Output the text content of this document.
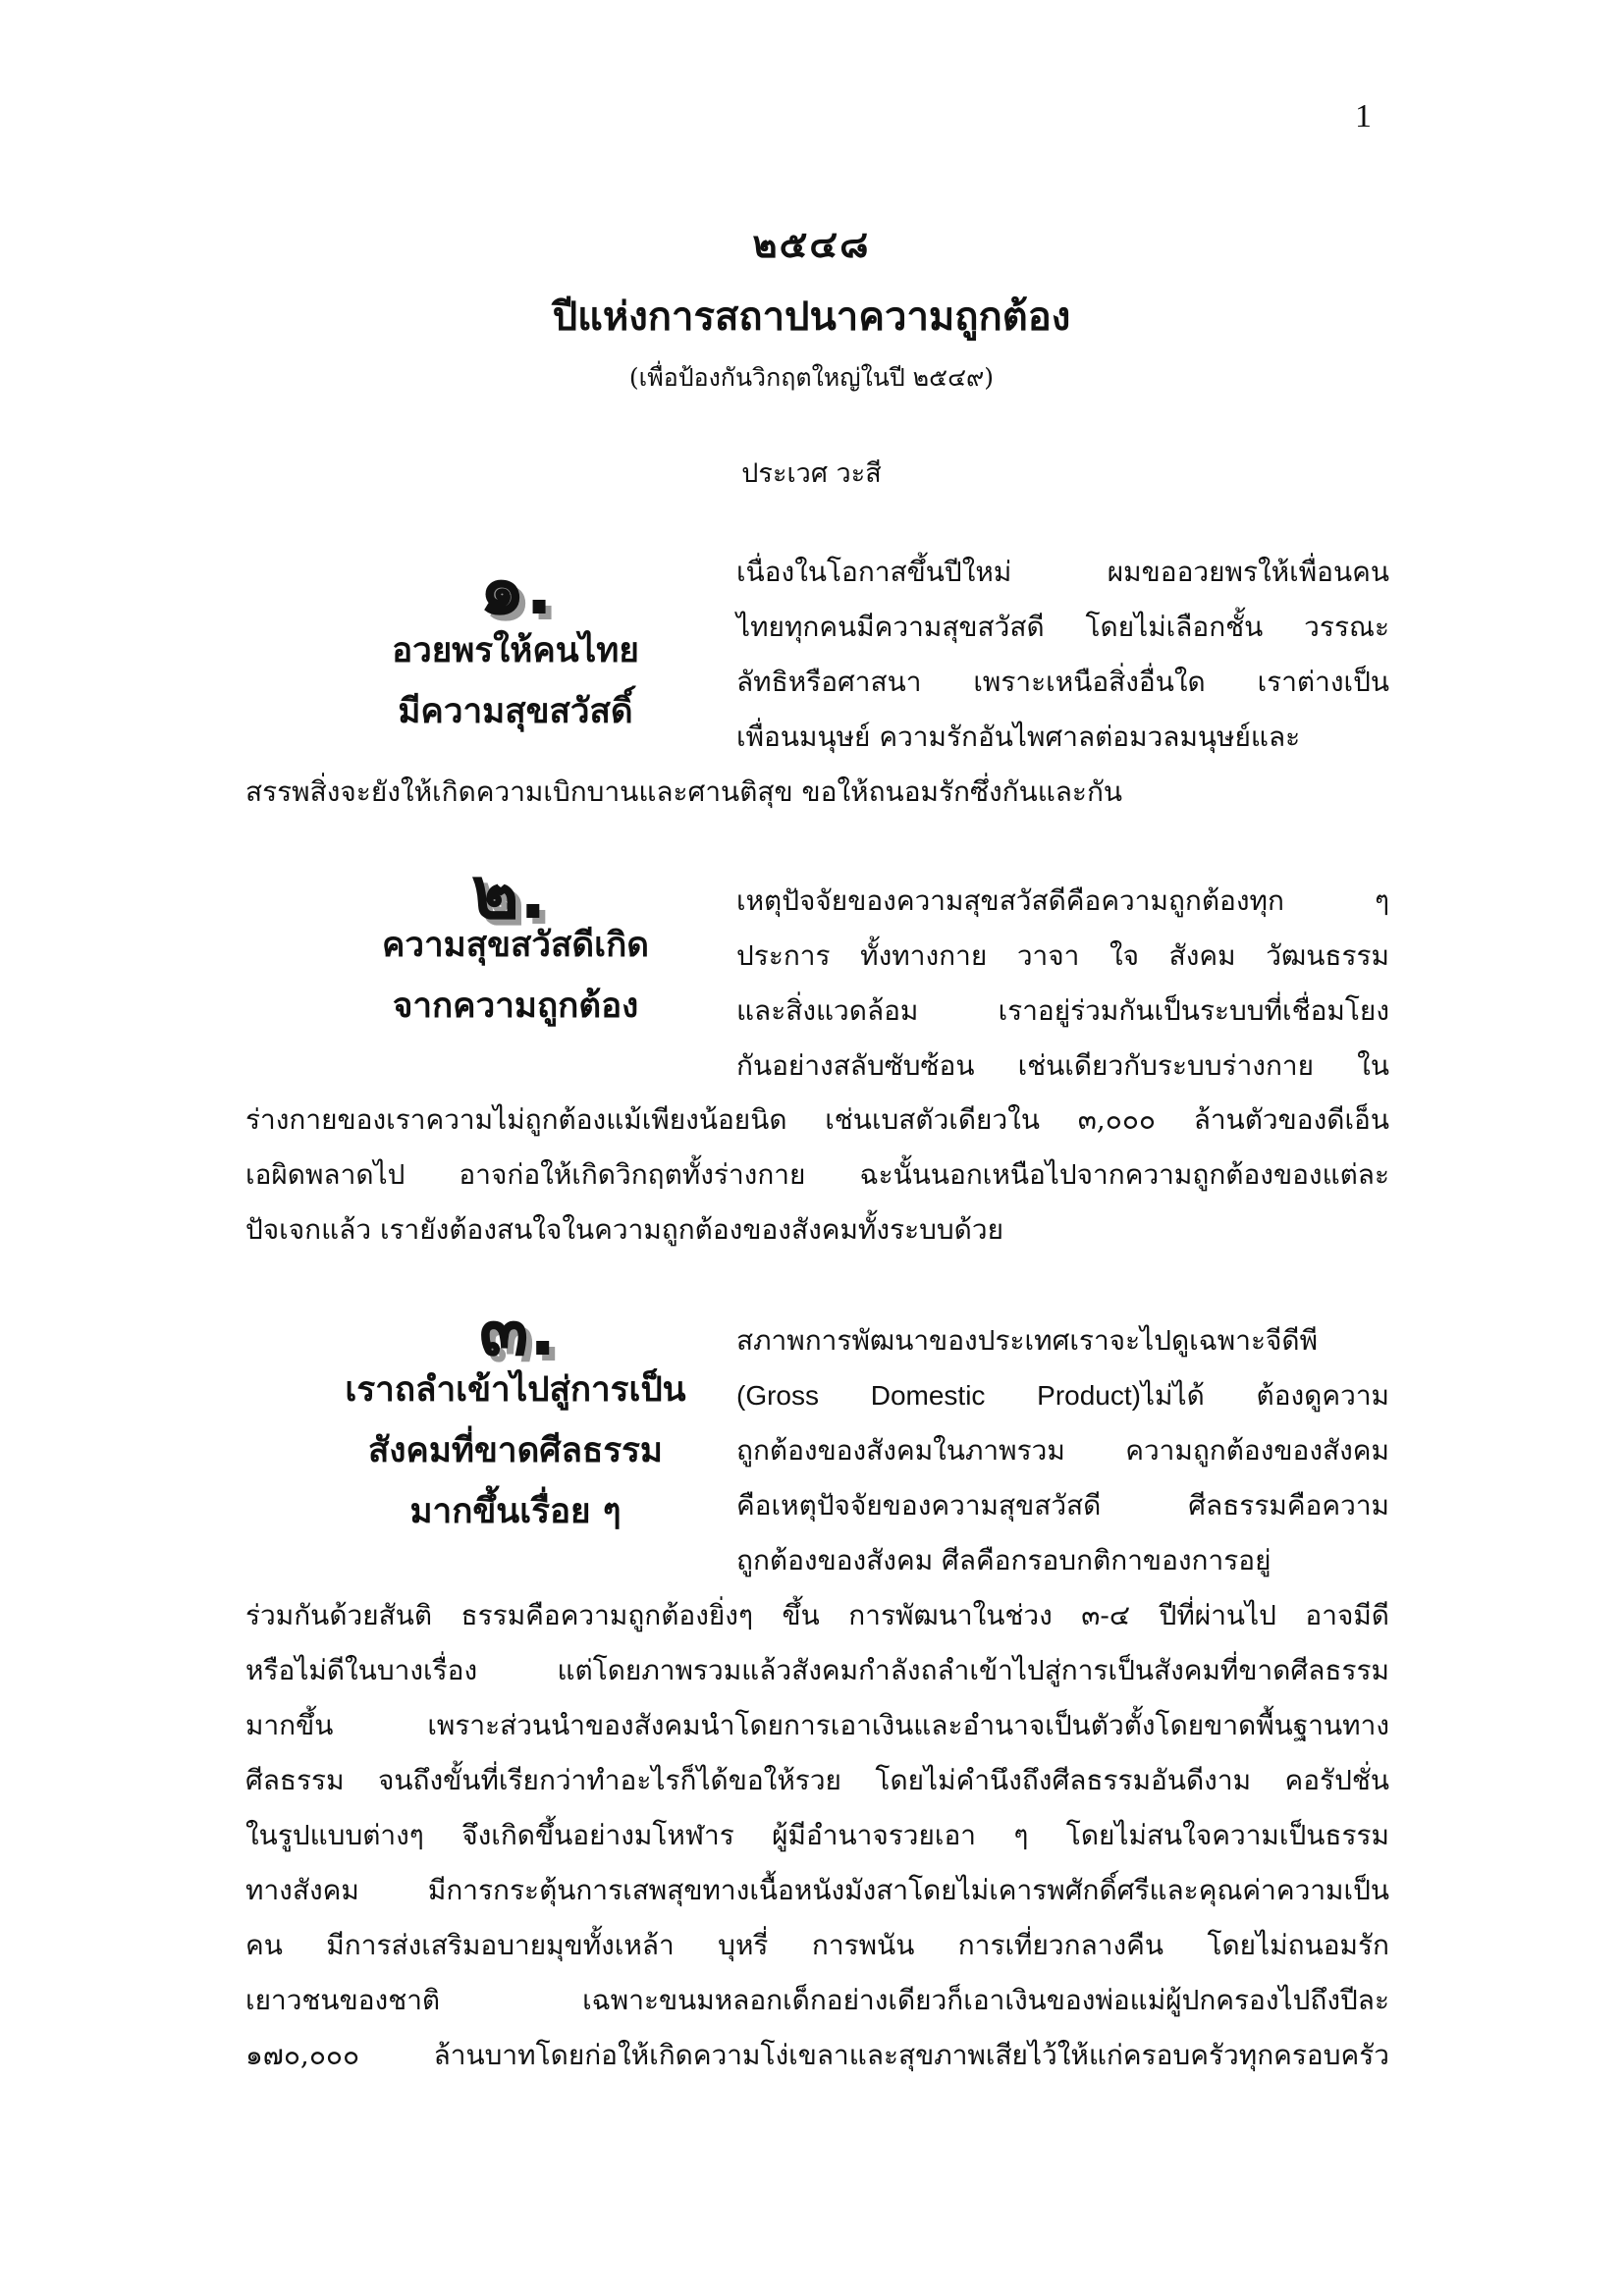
1
๒๕๔๘
ปีแห่งการสถาปนาความถูกต้อง
(เพื่อป้องกันวิกฤตใหญ่ในปี ๒๕๔๙)
ประเวศ วะสี
๑.
อวยพรให้คนไทย
มีความสุขสวัสดิ์
เนื่องในโอกาสขึ้นปีใหม่ ผมขออวยพรให้เพื่อนคน
ไทยทุกคนมีความสุขสวัสดี โดยไม่เลือกชั้น วรรณะ
ลัทธิหรือศาสนา เพราะเหนือสิ่งอื่นใด เราต่างเป็น
เพื่อนมนุษย์ ความรักอันไพศาลต่อมวลมนุษย์และ
สรรพสิ่งจะยังให้เกิดความเบิกบานและศานติสุข ขอให้ถนอมรักซึ่งกันและกัน
๒.
ความสุขสวัสดีเกิด
จากความถูกต้อง
เหตุปัจจัยของความสุขสวัสดีคือความถูกต้องทุก ๆ
ประการ ทั้งทางกาย วาจา ใจ สังคม วัฒนธรรม
และสิ่งแวดล้อม เราอยู่ร่วมกันเป็นระบบที่เชื่อมโยง
กันอย่างสลับซับซ้อน เช่นเดียวกับระบบร่างกาย ใน
ร่างกายของเราความไม่ถูกต้องแม้เพียงน้อยนิด เช่นเบสตัวเดียวใน ๓,๐๐๐ ล้านตัวของดีเอ็น
เอผิดพลาดไป อาจก่อให้เกิดวิกฤตทั้งร่างกาย ฉะนั้นนอกเหนือไปจากความถูกต้องของแต่ละ
ปัจเจกแล้ว เรายังต้องสนใจในความถูกต้องของสังคมทั้งระบบด้วย
๓.
เราถลำเข้าไปสู่การเป็น
สังคมที่ขาดศีลธรรม
มากขึ้นเรื่อย ๆ
สภาพการพัฒนาของประเทศเราจะไปดูเฉพาะจีดีพี
(Gross Domestic Product)ไม่ได้ ต้องดูความ
ถูกต้องของสังคมในภาพรวม ความถูกต้องของสังคม
คือเหตุปัจจัยของความสุขสวัสดี ศีลธรรมคือความ
ถูกต้องของสังคม ศีลคือกรอบกติกาของการอยู่
ร่วมกันด้วยสันติ ธรรมคือความถูกต้องยิ่งๆ ขึ้น การพัฒนาในช่วง ๓-๔ ปีที่ผ่านไป อาจมีดี
หรือไม่ดีในบางเรื่อง แต่โดยภาพรวมแล้วสังคมกำลังถลำเข้าไปสู่การเป็นสังคมที่ขาดศีลธรรม
มากขึ้น เพราะส่วนนำของสังคมนำโดยการเอาเงินและอำนาจเป็นตัวตั้งโดยขาดพื้นฐานทาง
ศีลธรรม จนถึงขั้นที่เรียกว่าทำอะไรก็ได้ขอให้รวย โดยไม่คำนึงถึงศีลธรรมอันดีงาม คอรัปชั่น
ในรูปแบบต่างๆ จึงเกิดขึ้นอย่างมโหฬาร ผู้มีอำนาจรวยเอา ๆ โดยไม่สนใจความเป็นธรรม
ทางสังคม มีการกระตุ้นการเสพสุขทางเนื้อหนังมังสาโดยไม่เคารพศักดิ์ศรีและคุณค่าความเป็น
คน มีการส่งเสริมอบายมุขทั้งเหล้า บุหรี่ การพนัน การเที่ยวกลางคืน โดยไม่ถนอมรัก
เยาวชนของชาติ เฉพาะขนมหลอกเด็กอย่างเดียวก็เอาเงินของพ่อแม่ผู้ปกครองไปถึงปีละ
๑๗๐,๐๐๐ ล้านบาทโดยก่อให้เกิดความโง่เขลาและสุขภาพเสียไว้ให้แก่ครอบครัวทุกครอบครัว
